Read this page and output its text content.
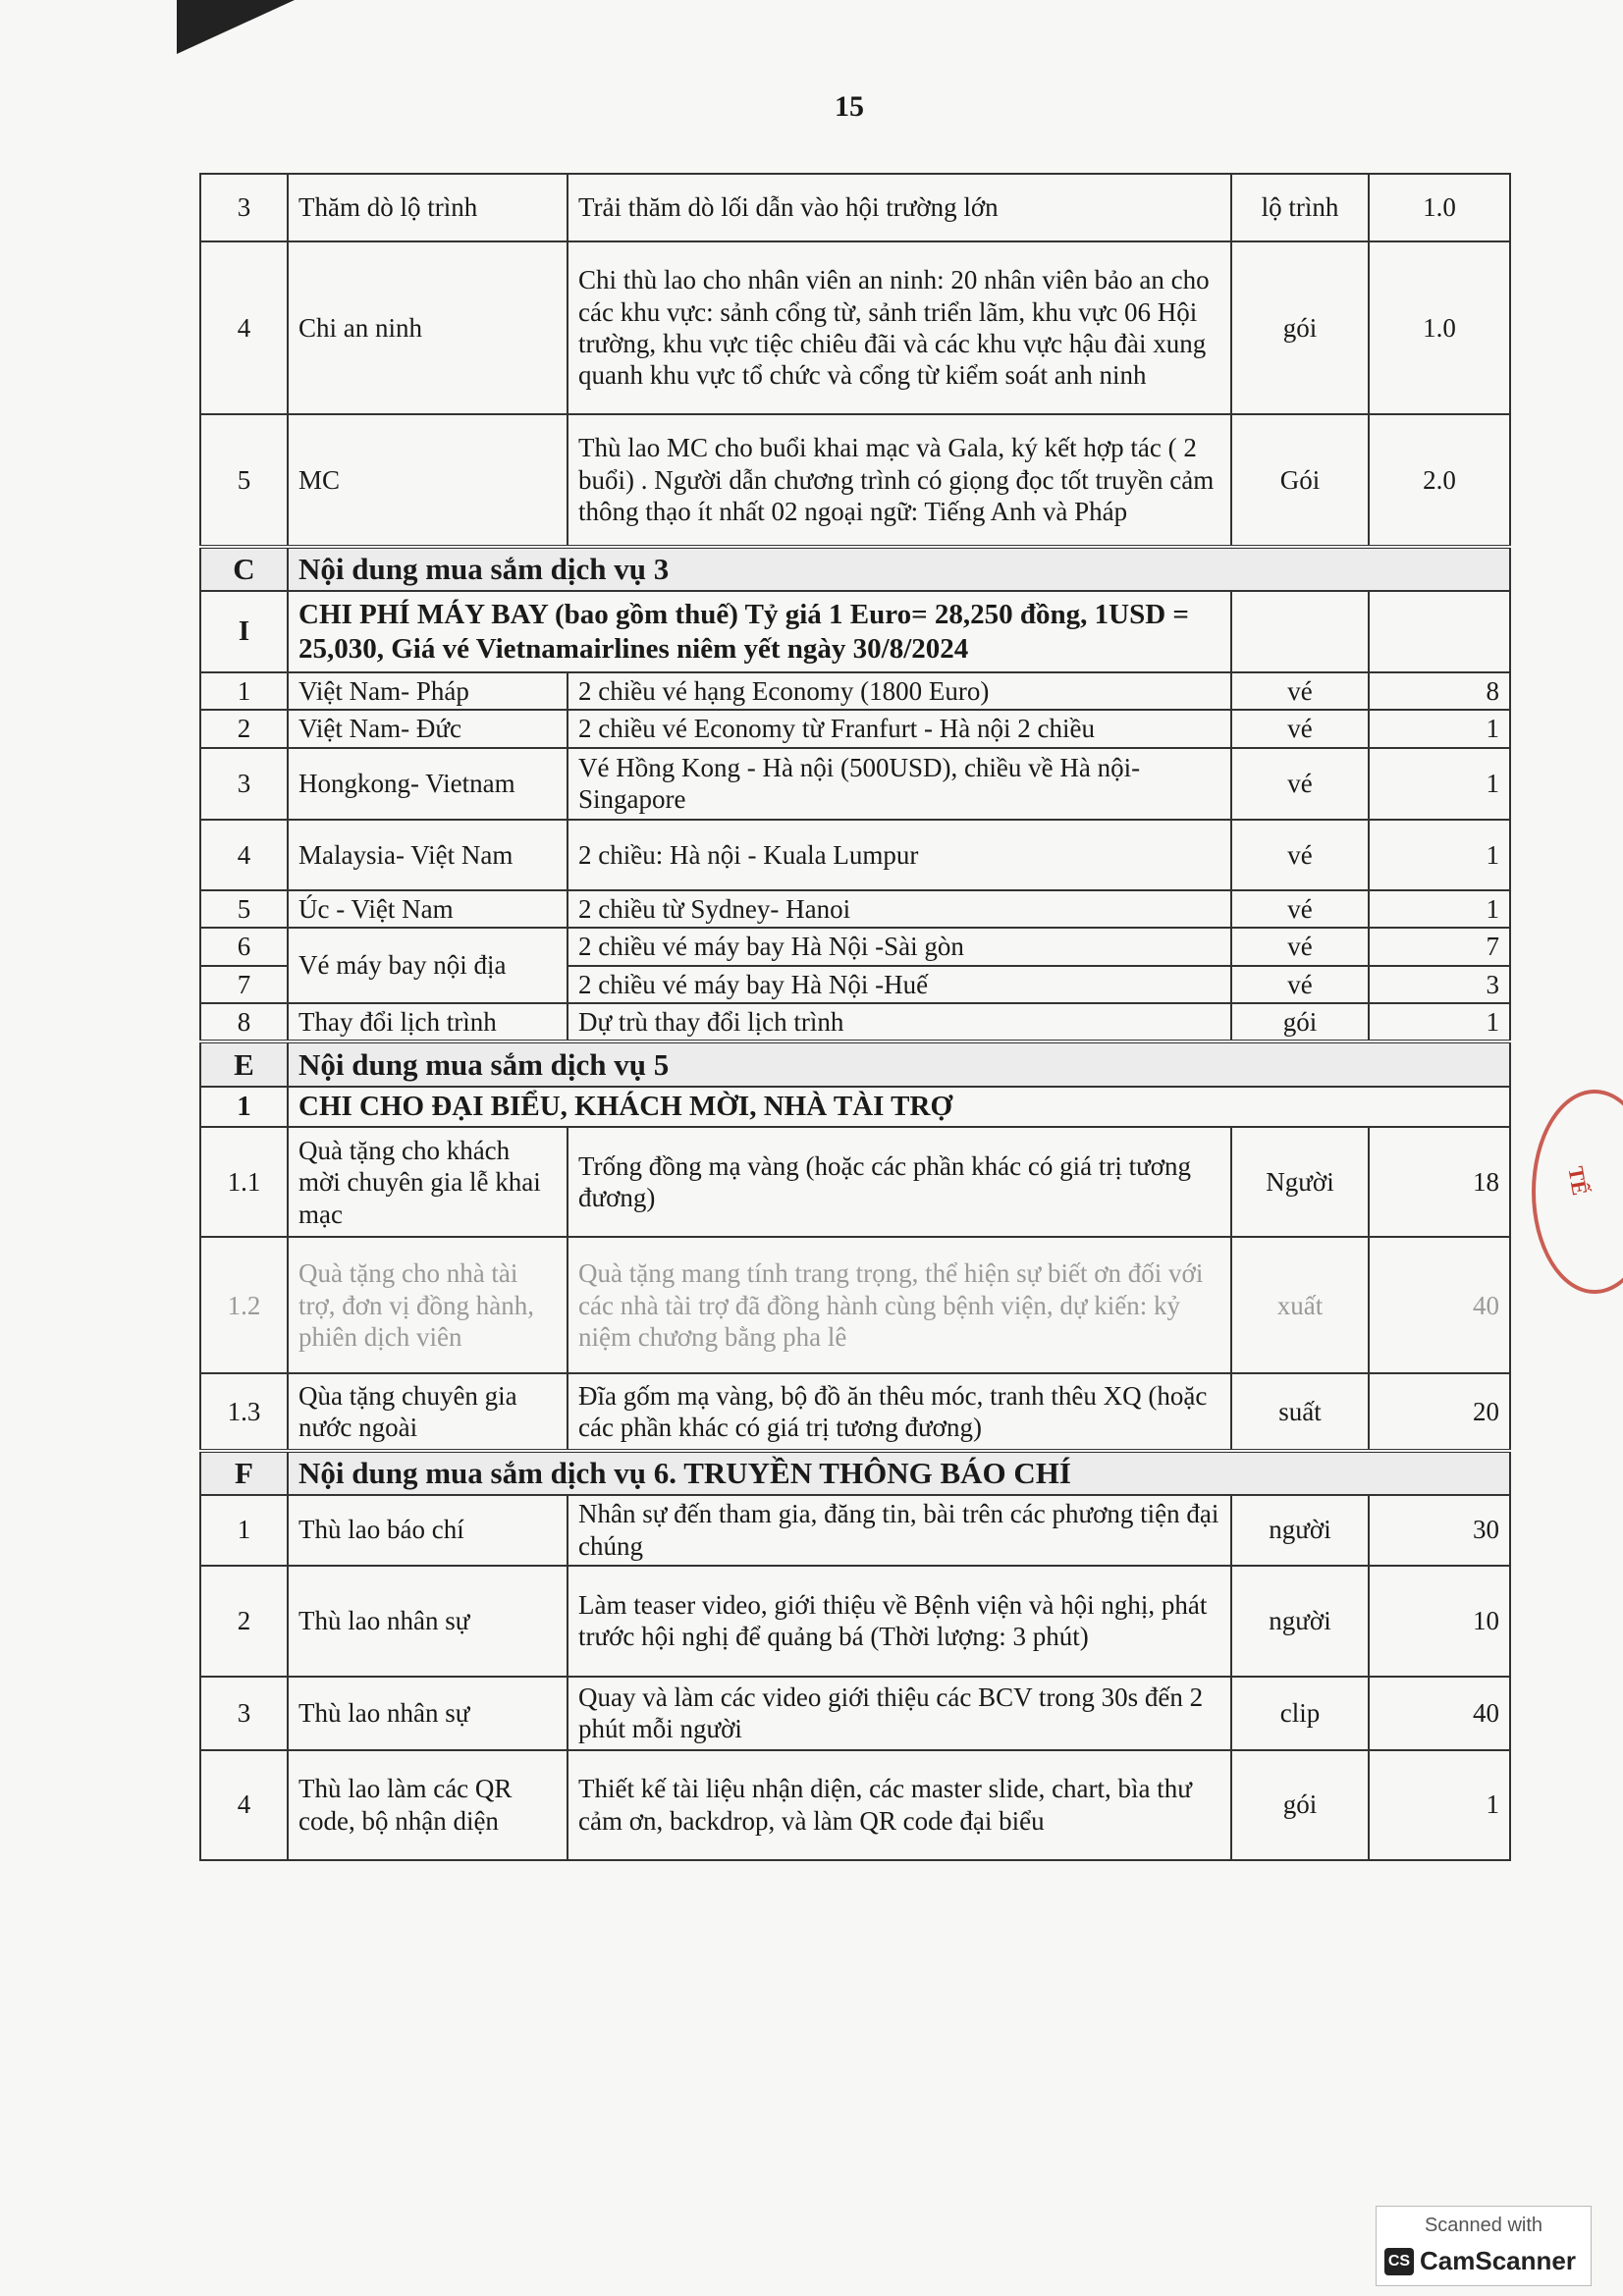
15
3	Thăm dò lộ trình	Trải thăm dò lối dẫn vào hội trường lớn	lộ trình	1.0
4	Chi an ninh	Chi thù lao cho nhân viên an ninh: 20 nhân viên bảo an cho các khu vực: sảnh cổng từ, sảnh triển lãm, khu vực 06 Hội trường, khu vực tiệc chiêu đãi và các khu vực hậu đài xung quanh khu vực tổ chức và cổng từ kiểm soát anh ninh	gói	1.0
5	MC	Thù lao MC cho buổi khai mạc và Gala, ký kết hợp tác ( 2 buổi) . Người dẫn chương trình có giọng đọc tốt truyền cảm thông thạo ít nhất 02 ngoại ngữ: Tiếng Anh và Pháp	Gói	2.0
C	Nội dung mua sắm dịch vụ 3			
I	CHI PHÍ MÁY BAY (bao gồm thuế) Tỷ giá 1 Euro= 28,250 đồng, 1USD = 25,030, Giá vé Vietnamairlines niêm yết ngày 30/8/2024			
1	Việt Nam- Pháp	2 chiều vé hạng Economy (1800 Euro)	vé	8
2	Việt Nam- Đức	2 chiều vé Economy từ Franfurt - Hà nội 2 chiều	vé	1
3	Hongkong- Vietnam	Vé Hồng Kong - Hà nội (500USD), chiều về Hà nội- Singapore	vé	1
4	Malaysia- Việt Nam	2 chiều: Hà nội - Kuala Lumpur	vé	1
5	Úc - Việt Nam	2 chiều từ Sydney- Hanoi	vé	1
6	Vé máy bay nội địa	2 chiều vé máy bay Hà Nội -Sài gòn	vé	7
7		2 chiều vé máy bay Hà Nội -Huế	vé	3
8	Thay đổi lịch trình	Dự trù thay đổi lịch trình	gói	1
E	Nội dung mua sắm dịch vụ 5			
1	CHI CHO ĐẠI BIỂU, KHÁCH MỜI, NHÀ TÀI TRỢ			
1.1	Quà tặng cho khách mời chuyên gia lễ khai mạc	Trống đồng mạ vàng (hoặc các phần khác có giá trị tương đương)	Người	18
1.2	Quà tặng cho nhà tài trợ, đơn vị đồng hành, phiên dịch viên	Quà tặng mang tính trang trọng, thể hiện sự biết ơn đối với các nhà tài trợ đã đồng hành cùng bệnh viện, dự kiến: kỷ niệm chương bằng pha lê	xuất	40
1.3	Qùa tặng chuyên gia nước ngoài	Đĩa gốm mạ vàng, bộ đồ ăn thêu móc, tranh thêu XQ (hoặc các phần khác có giá trị tương đương)	suất	20
F	Nội dung mua sắm dịch vụ 6. TRUYỀN THÔNG BÁO CHÍ			
1	Thù lao báo chí	Nhân sự đến tham gia, đăng tin, bài trên các phương tiện đại chúng	người	30
2	Thù lao nhân sự	Làm teaser video, giới thiệu về Bệnh viện và hội nghị, phát trước hội nghị để quảng bá (Thời lượng: 3 phút)	người	10
3	Thù lao nhân sự	Quay và làm các video giới thiệu các BCV trong 30s đến 2 phút mỗi người	clip	40
4	Thù lao làm các QR code, bộ nhận diện	Thiết kế tài liệu nhận diện, các master slide, chart, bìa thư cảm ơn, backdrop, và làm QR code đại biểu	gói	1
TẾ
Scanned with
CS CamScanner
